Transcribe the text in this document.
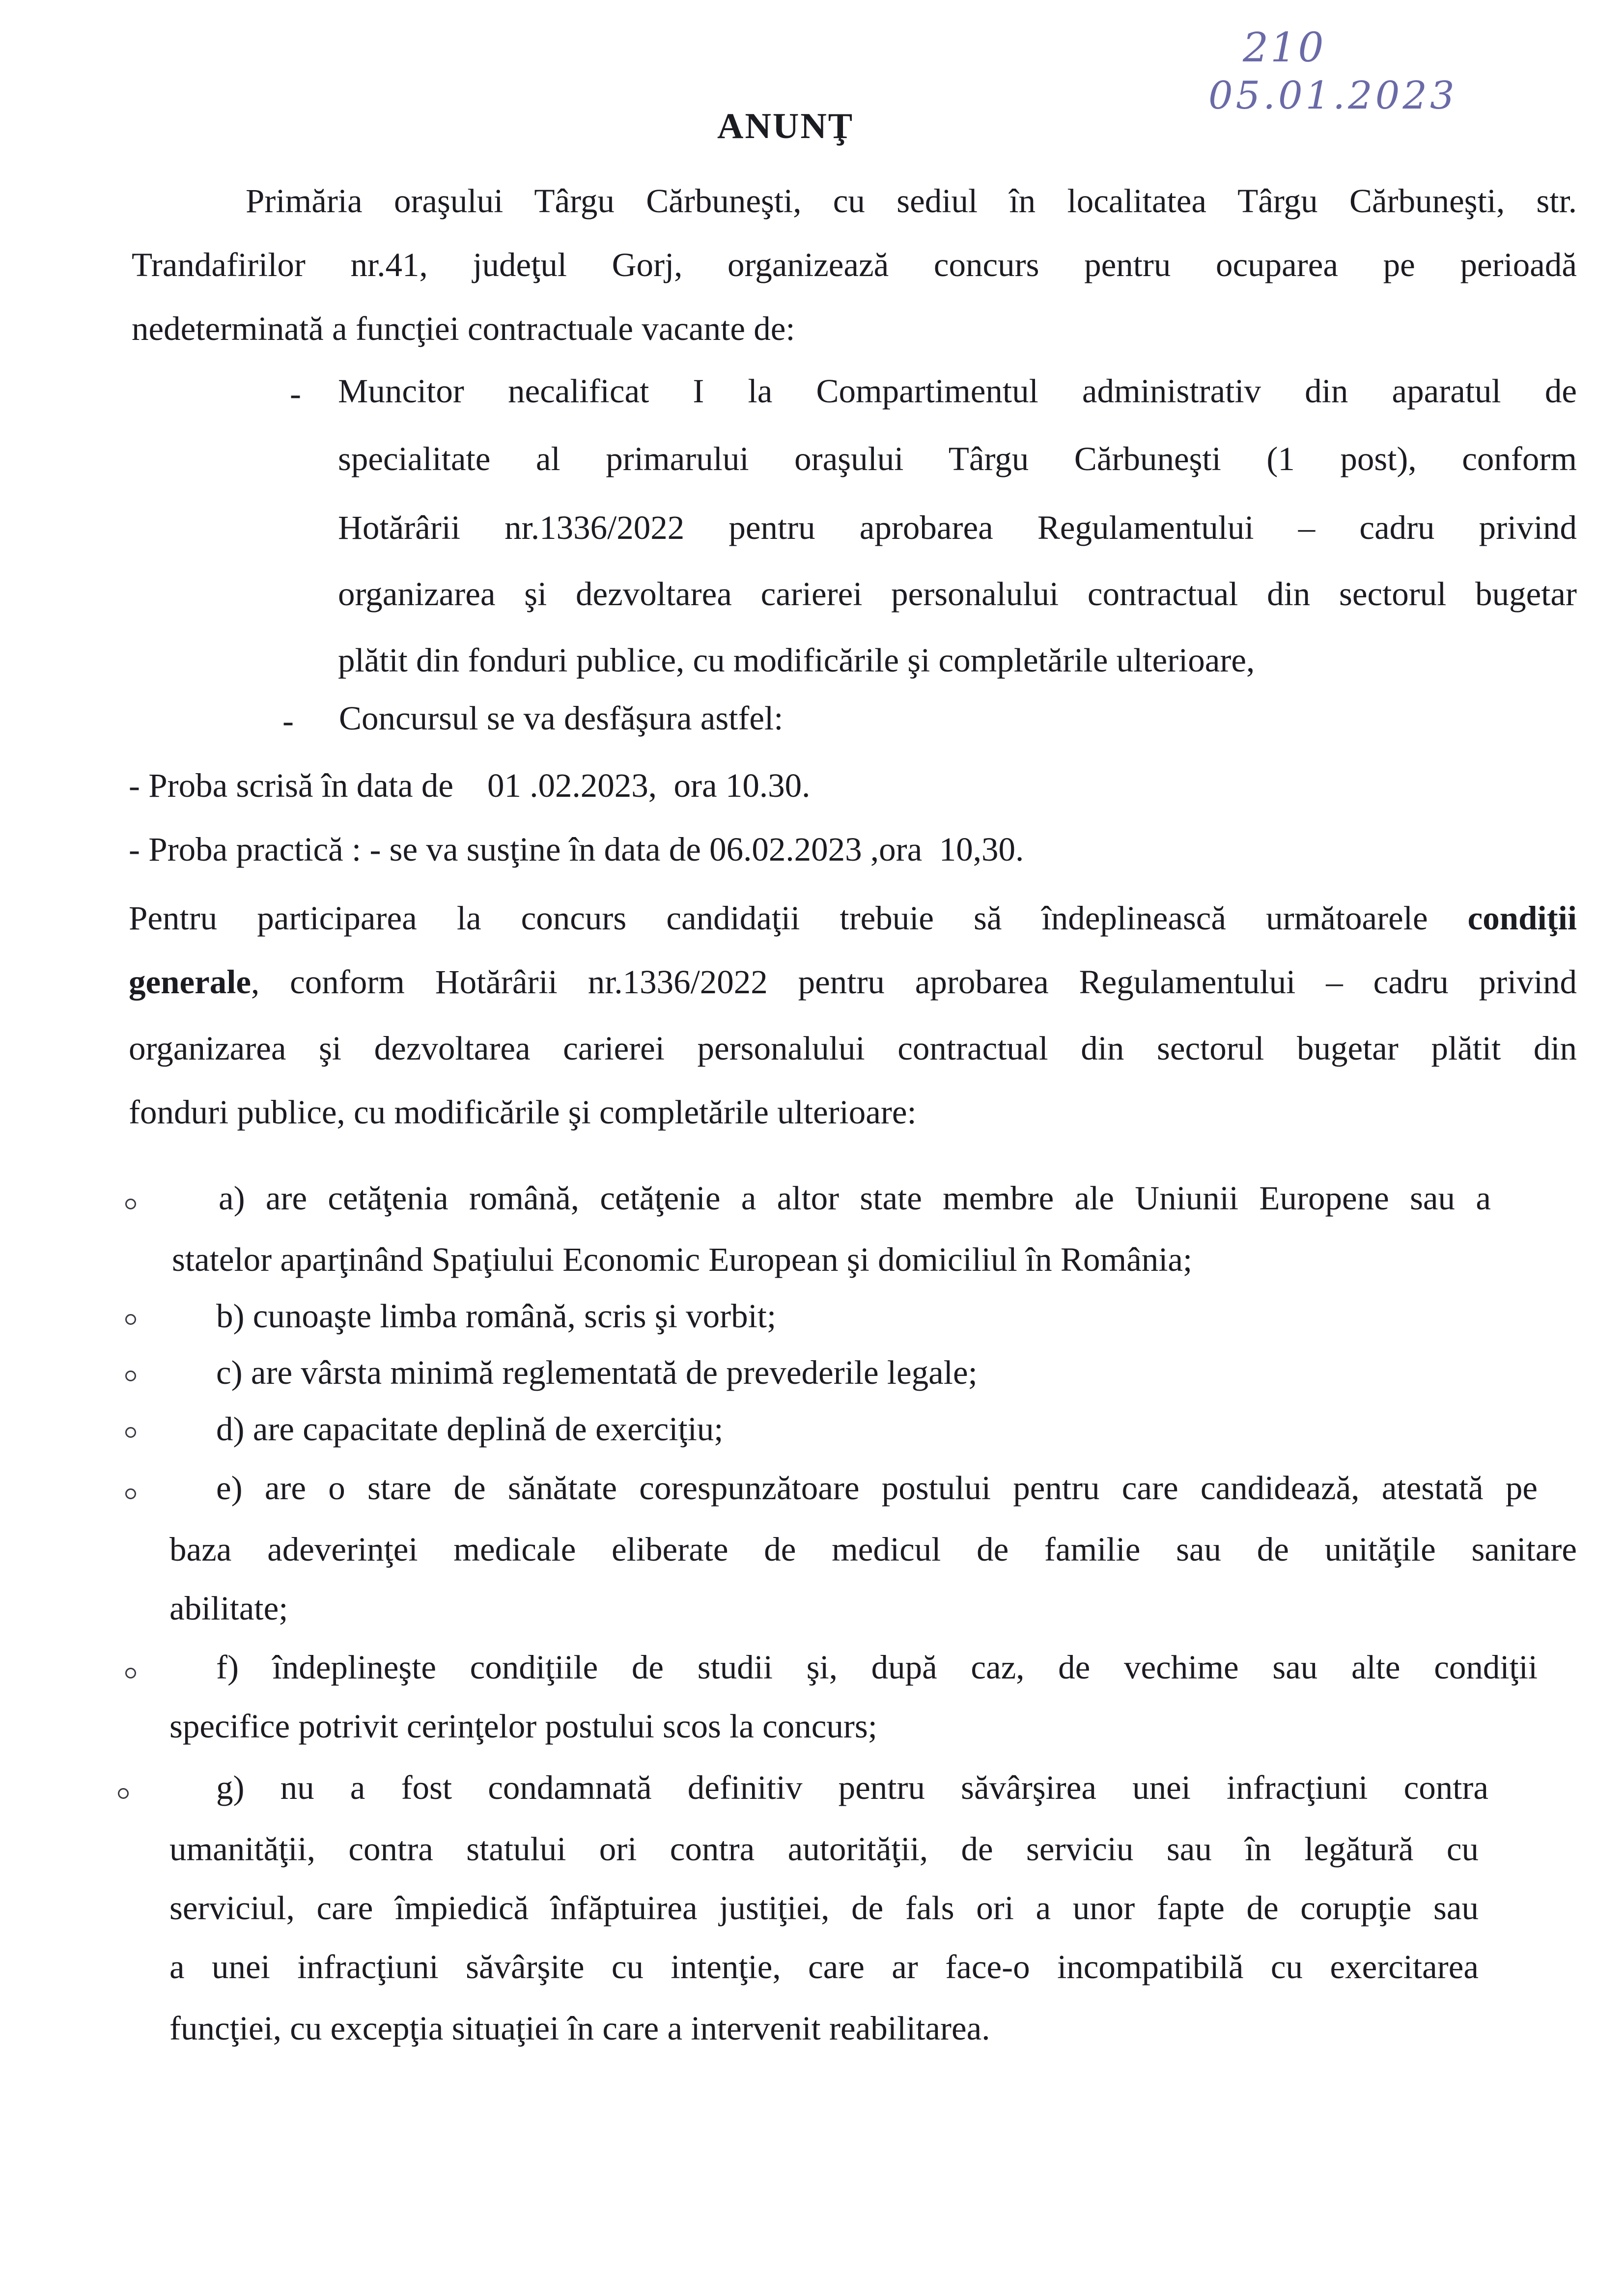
210
05.01.2023
ANUNŢ
Primăria oraşului Târgu Cărbuneşti, cu sediul în localitatea Târgu Cărbuneşti, str.
Trandafirilor nr.41, judeţul Gorj, organizează concurs pentru ocuparea pe perioadă
nedeterminată a funcţiei contractuale vacante de:
- Muncitor necalificat I la Compartimentul administrativ din aparatul de
specialitate al primarului oraşului Târgu Cărbuneşti (1 post), conform
Hotărârii nr.1336/2022 pentru aprobarea Regulamentului – cadru privind
organizarea şi dezvoltarea carierei personalului contractual din sectorul bugetar
plătit din fonduri publice, cu modificările şi completările ulterioare,
- Concursul se va desfăşura astfel:
- Proba scrisă în data de    01 .02.2023,  ora 10.30.
- Proba practică : - se va susţine în data de 06.02.2023 ,ora  10,30.
Pentru participarea la concurs candidaţii trebuie să îndeplinească următoarele condiţii
generale, conform Hotărârii nr.1336/2022 pentru aprobarea Regulamentului – cadru privind
organizarea şi dezvoltarea carierei personalului contractual din sectorul bugetar plătit din
fonduri publice, cu modificările şi completările ulterioare:
a) are cetăţenia română, cetăţenie a altor state membre ale Uniunii Europene sau a
statelor aparţinând Spaţiului Economic European şi domiciliul în România;
b) cunoaşte limba română, scris şi vorbit;
c) are vârsta minimă reglementată de prevederile legale;
d) are capacitate deplină de exerciţiu;
e) are o stare de sănătate corespunzătoare postului pentru care candidează, atestată pe
baza adeverinţei medicale eliberate de medicul de familie sau de unităţile sanitare
abilitate;
f) îndeplineşte condiţiile de studii şi, după caz, de vechime sau alte condiţii
specifice potrivit cerinţelor postului scos la concurs;
g) nu a fost condamnată definitiv pentru săvârşirea unei infracţiuni contra
umanităţii, contra statului ori contra autorităţii, de serviciu sau în legătură cu
serviciul, care împiedică înfăptuirea justiţiei, de fals ori a unor fapte de corupţie sau
a unei infracţiuni săvârşite cu intenţie, care ar face-o incompatibilă cu exercitarea
funcţiei, cu excepţia situaţiei în care a intervenit reabilitarea.
